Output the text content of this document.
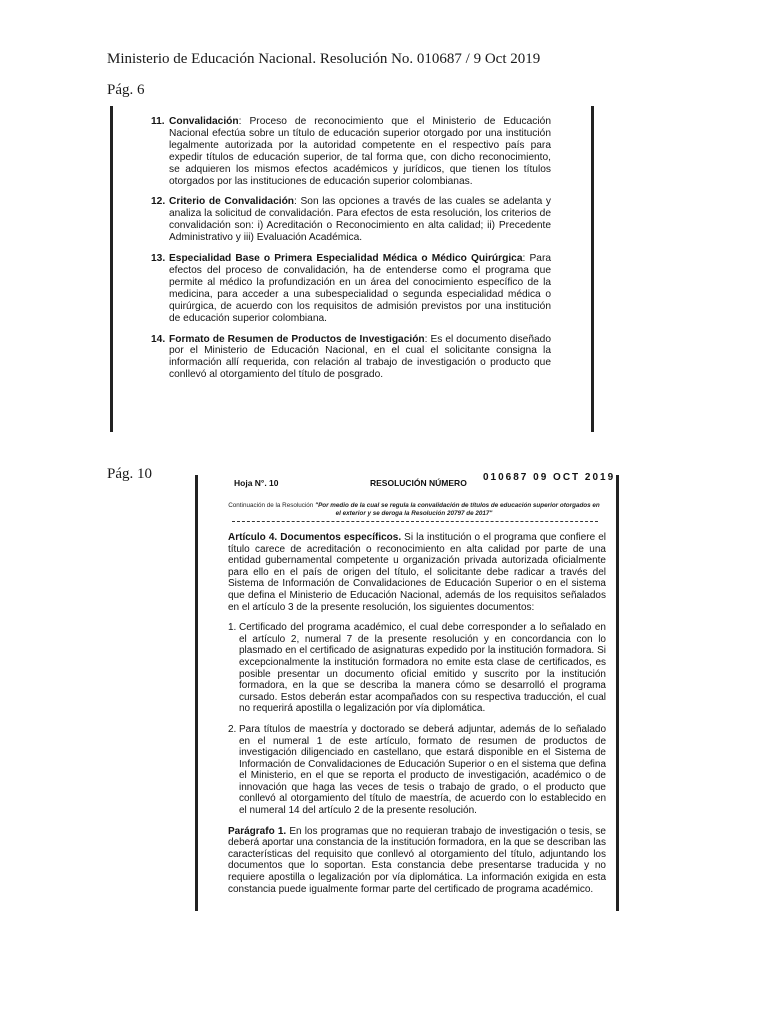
Ministerio de Educación Nacional. Resolución No. 010687 / 9 Oct 2019
Pág. 6
11. Convalidación: Proceso de reconocimiento que el Ministerio de Educación Nacional efectúa sobre un título de educación superior otorgado por una institución legalmente autorizada por la autoridad competente en el respectivo país para expedir títulos de educación superior, de tal forma que, con dicho reconocimiento, se adquieren los mismos efectos académicos y jurídicos, que tienen los títulos otorgados por las instituciones de educación superior colombianas.
12. Criterio de Convalidación: Son las opciones a través de las cuales se adelanta y analiza la solicitud de convalidación. Para efectos de esta resolución, los criterios de convalidación son: i) Acreditación o Reconocimiento en alta calidad; ii) Precedente Administrativo y iii) Evaluación Académica.
13. Especialidad Base o Primera Especialidad Médica o Médico Quirúrgica: Para efectos del proceso de convalidación, ha de entenderse como el programa que permite al médico la profundización en un área del conocimiento específico de la medicina, para acceder a una subespecialidad o segunda especialidad médica o quirúrgica, de acuerdo con los requisitos de admisión previstos por una institución de educación superior colombiana.
14. Formato de Resumen de Productos de Investigación: Es el documento diseñado por el Ministerio de Educación Nacional, en el cual el solicitante consigna la información allí requerida, con relación al trabajo de investigación o producto que conllevó al otorgamiento del título de posgrado.
Pág. 10
Hoja N°. 10	RESOLUCIÓN NÚMERO 010687 09 OCT 2019
Continuación de la Resolución "Por medio de la cual se regula la convalidación de títulos de educación superior otorgados en el exterior y se deroga la Resolución 20797 de 2017"

Artículo 4. Documentos específicos. Si la institución o el programa que confiere el título carece de acreditación o reconocimiento en alta calidad por parte de una entidad gubernamental competente u organización privada autorizada oficialmente para ello en el país de origen del título, el solicitante debe radicar a través del Sistema de Información de Convalidaciones de Educación Superior o en el sistema que defina el Ministerio de Educación Nacional, además de los requisitos señalados en el artículo 3 de la presente resolución, los siguientes documentos:

1. Certificado del programa académico, el cual debe corresponder a lo señalado en el artículo 2, numeral 7 de la presente resolución y en concordancia con lo plasmado en el certificado de asignaturas expedido por la institución formadora. Si excepcionalmente la institución formadora no emite esta clase de certificados, es posible presentar un documento oficial emitido y suscrito por la institución formadora, en la que se describa la manera cómo se desarrolló el programa cursado. Estos deberán estar acompañados con su respectiva traducción, el cual no requerirá apostilla o legalización por vía diplomática.
2. Para títulos de maestría y doctorado se deberá adjuntar, además de lo señalado en el numeral 1 de este artículo, formato de resumen de productos de investigación diligenciado en castellano, que estará disponible en el Sistema de Información de Convalidaciones de Educación Superior o en el sistema que defina el Ministerio, en el que se reporta el producto de investigación, académico o de innovación que haga las veces de tesis o trabajo de grado, o el producto que conllevó al otorgamiento del título de maestría, de acuerdo con lo establecido en el numeral 14 del artículo 2 de la presente resolución.

Parágrafo 1. En los programas que no requieran trabajo de investigación o tesis, se deberá aportar una constancia de la institución formadora, en la que se describan las características del requisito que conllevó al otorgamiento del título, adjuntando los documentos que lo soportan. Esta constancia debe presentarse traducida y no requiere apostilla o legalización por vía diplomática. La información exigida en esta constancia puede igualmente formar parte del certificado de programa académico.
